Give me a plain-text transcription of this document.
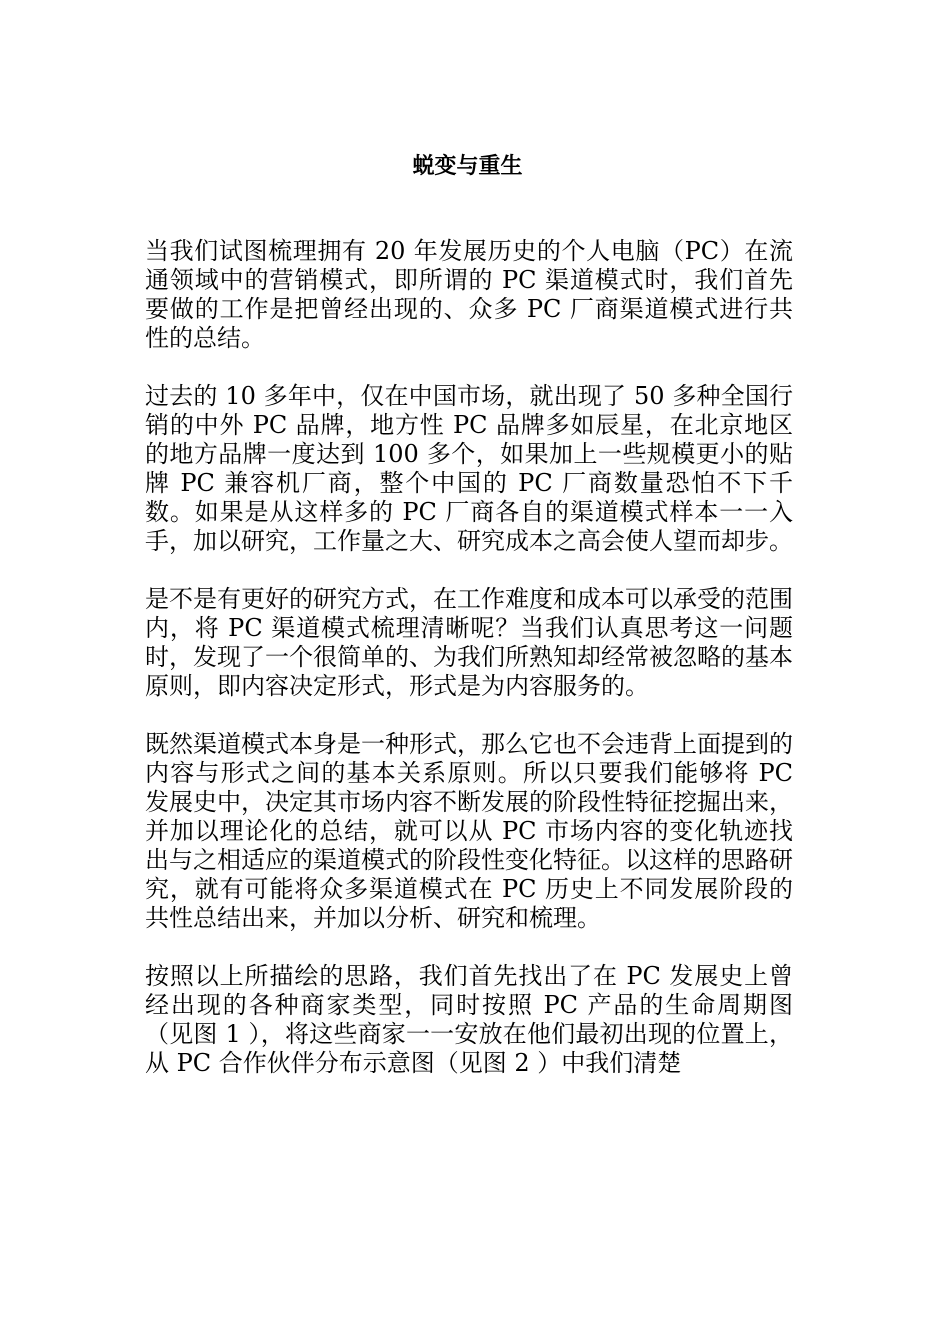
蜕变与重生

当我们试图梳理拥有 20 年发展历史的个人电脑（PC）在流通领域中的营销模式，即所谓的 PC 渠道模式时，我们首先要做的工作是把曾经出现的、众多 PC 厂商渠道模式进行共性的总结。

过去的 10 多年中，仅在中国市场，就出现了 50 多种全国行销的中外 PC 品牌，地方性 PC 品牌多如辰星，在北京地区的地方品牌一度达到 100 多个，如果加上一些规模更小的贴牌 PC 兼容机厂商，整个中国的 PC 厂商数量恐怕不下千数。如果是从这样多的 PC 厂商各自的渠道模式样本一一入手，加以研究，工作量之大、研究成本之高会使人望而却步。

是不是有更好的研究方式，在工作难度和成本可以承受的范围内，将 PC 渠道模式梳理清晰呢？当我们认真思考这一问题时，发现了一个很简单的、为我们所熟知却经常被忽略的基本原则，即内容决定形式，形式是为内容服务的。

既然渠道模式本身是一种形式，那么它也不会违背上面提到的内容与形式之间的基本关系原则。所以只要我们能够将 PC 发展史中，决定其市场内容不断发展的阶段性特征挖掘出来，并加以理论化的总结，就可以从 PC 市场内容的变化轨迹找出与之相适应的渠道模式的阶段性变化特征。以这样的思路研究，就有可能将众多渠道模式在 PC 历史上不同发展阶段的共性总结出来，并加以分析、研究和梳理。

按照以上所描绘的思路，我们首先找出了在 PC 发展史上曾经出现的各种商家类型，同时按照 PC 产品的生命周期图（见图 1 ），将这些商家一一安放在他们最初出现的位置上，从 PC 合作伙伴分布示意图（见图 2 ）中我们清楚
